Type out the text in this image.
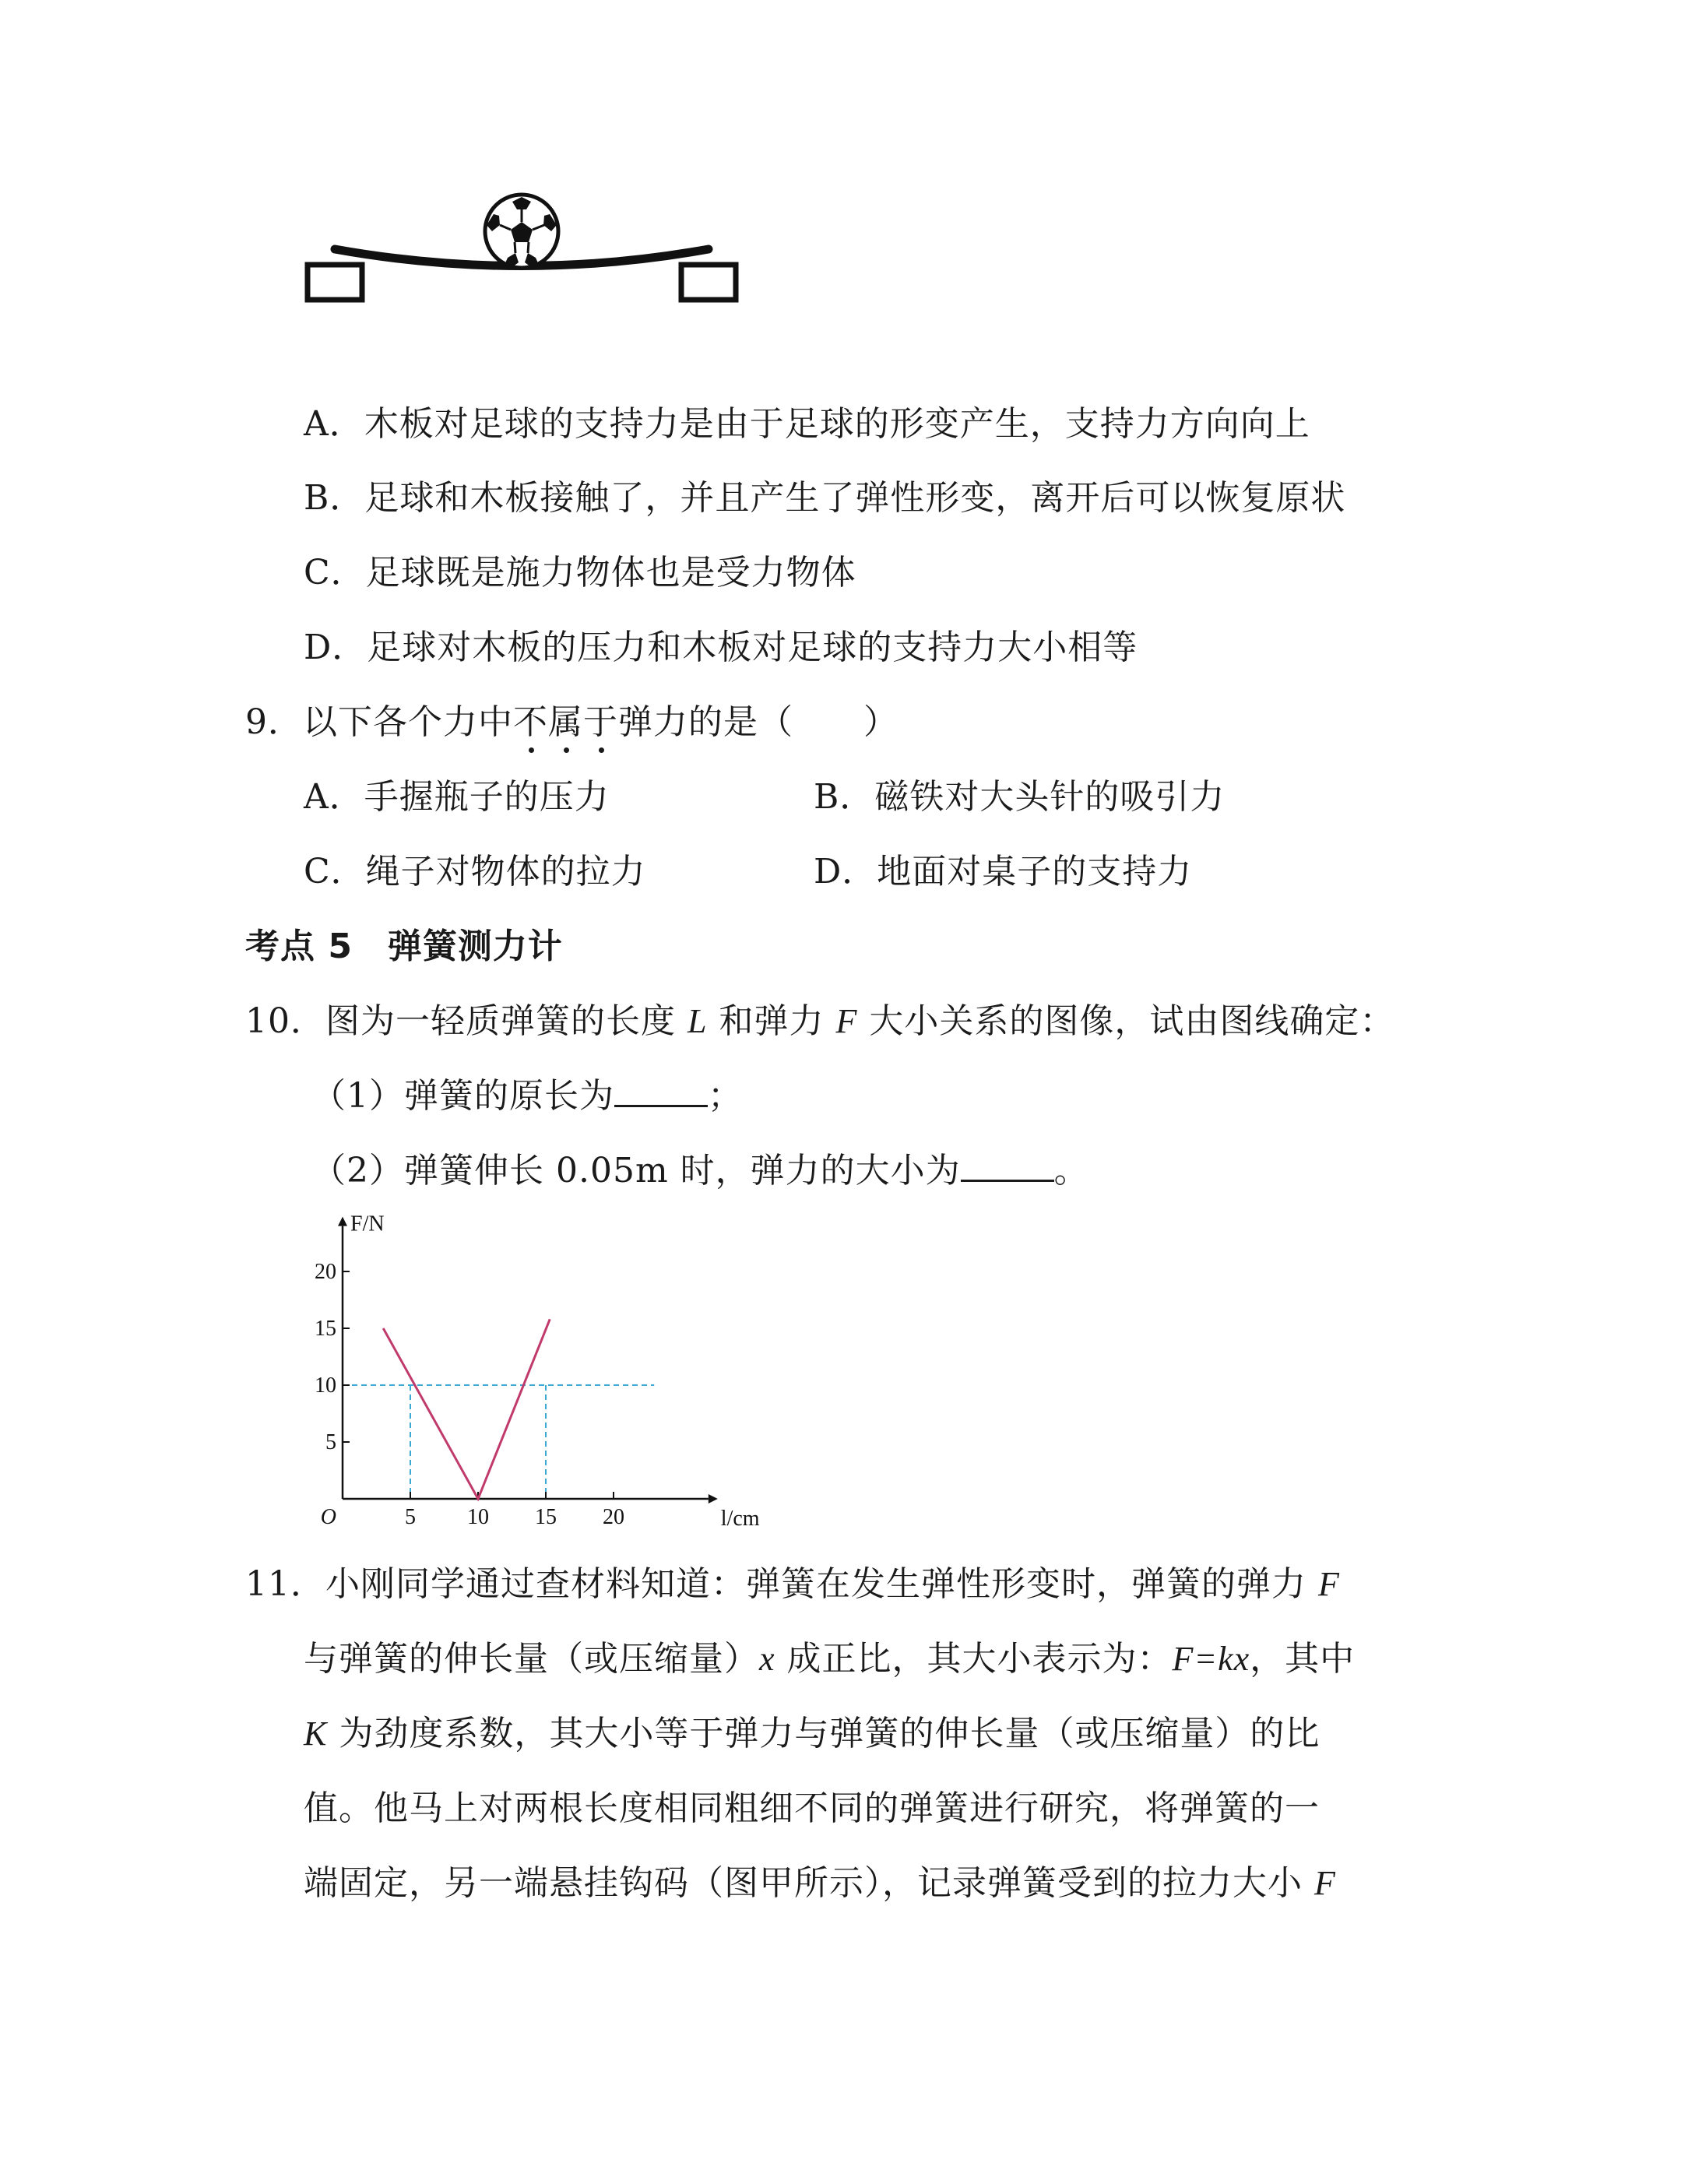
A．木板对足球的支持力是由于足球的形变产生，支持力方向向上
B．足球和木板接触了，并且产生了弹性形变，离开后可以恢复原状
C．足球既是施力物体也是受力物体
D．足球对木板的压力和木板对足球的支持力大小相等
9．以下各个力中不属于弹力的是（　　）
A．手握瓶子的压力	B．磁铁对大头针的吸引力
C．绳子对物体的拉力	D．地面对桌子的支持力
考点 5　弹簧测力计
10．图为一轻质弹簧的长度 L 和弹力 F 大小关系的图像，试由图线确定：
（1）弹簧的原长为	；
（2）弹簧伸长 0.05m 时，弹力的大小为	。
5 10 15 20
5
10
15
20
O
F/N
l/cm
11．小刚同学通过查材料知道：弹簧在发生弹性形变时，弹簧的弹力 F
与弹簧的伸长量（或压缩量）x 成正比，其大小表示为：F=kx，其中
K 为劲度系数，其大小等于弹力与弹簧的伸长量（或压缩量）的比
值。他马上对两根长度相同粗细不同的弹簧进行研究，将弹簧的一
端固定，另一端悬挂钩码（图甲所示），记录弹簧受到的拉力大小 F
